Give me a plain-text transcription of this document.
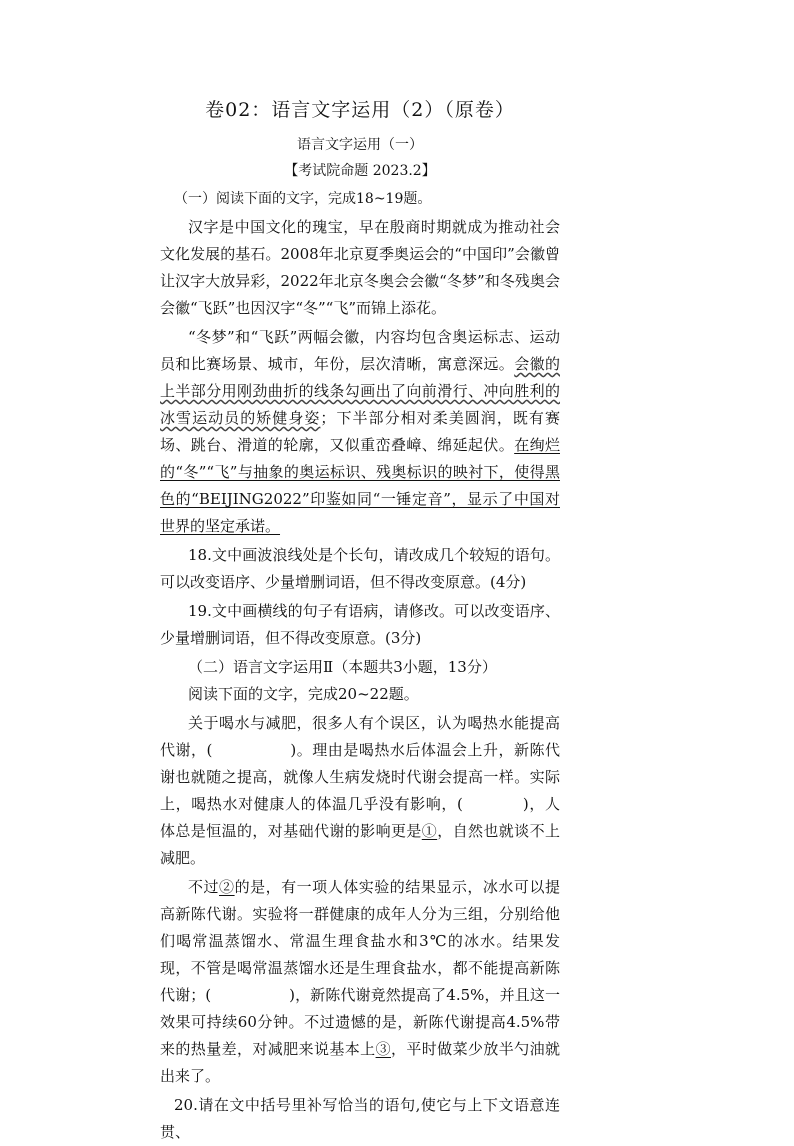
卷02：语言文字运用（2）（原卷）
语言文字运用（一）
【考试院命题 2023.2】
（一）阅读下面的文字，完成18~19题。

汉字是中国文化的瑰宝，早在殷商时期就成为推动社会文化发展的基石。2008年北京夏季奥运会的“中国印”会徽曾让汉字大放异彩，2022年北京冬奥会会徽“冬梦”和冬残奥会会徽“飞跃”也因汉字“冬”“飞”而锦上添花。

“冬梦”和“飞跃”两幅会徽，内容均包含奥运标志、运动员和比赛场景、城市，年份，层次清晰，寓意深远。会徽的上半部分用刚劲曲折的线条勾画出了向前滑行、冲向胜利的冰雪运动员的矫健身姿；下半部分相对柔美圆润，既有赛场、跳台、滑道的轮廓，又似重峦叠嶂、绵延起伏。在绚烂的“冬”“飞”与抽象的奥运标识、残奥标识的映衬下，使得黑色的“BEIJING2022”印鉴如同“一锤定音”，显示了中国对世界的坚定承诺。

18.文中画波浪线处是个长句，请改成几个较短的语句。可以改变语序、少量增删词语，但不得改变原意。(4分)

19.文中画横线的句子有语病，请修改。可以改变语序、少量增删词语，但不得改变原意。(3分)

（二）语言文字运用Ⅱ（本题共3小题，13分）

阅读下面的文字，完成20~22题。

关于喝水与减肥，很多人有个误区，认为喝热水能提高代谢，(	)。理由是喝热水后体温会上升，新陈代谢也就随之提高，就像人生病发烧时代谢会提高一样。实际上，喝热水对健康人的体温几乎没有影响，(	)，人体总是恒温的，对基础代谢的影响更是①，自然也就谈不上减肥。

不过②的是，有一项人体实验的结果显示，冰水可以提高新陈代谢。实验将一群健康的成年人分为三组，分别给他们喝常温蒸馏水、常温生理食盐水和3℃的冰水。结果发现，不管是喝常温蒸馏水还是生理食盐水，都不能提高新陈代谢；(	)，新陈代谢竟然提高了4.5%，并且这一效果可持续60分钟。不过遗憾的是，新陈代谢提高4.5%带来的热量差，对减肥来说基本上③，平时做菜少放半勺油就出来了。

20.请在文中括号里补写恰当的语句,使它与上下文语意连贯、
